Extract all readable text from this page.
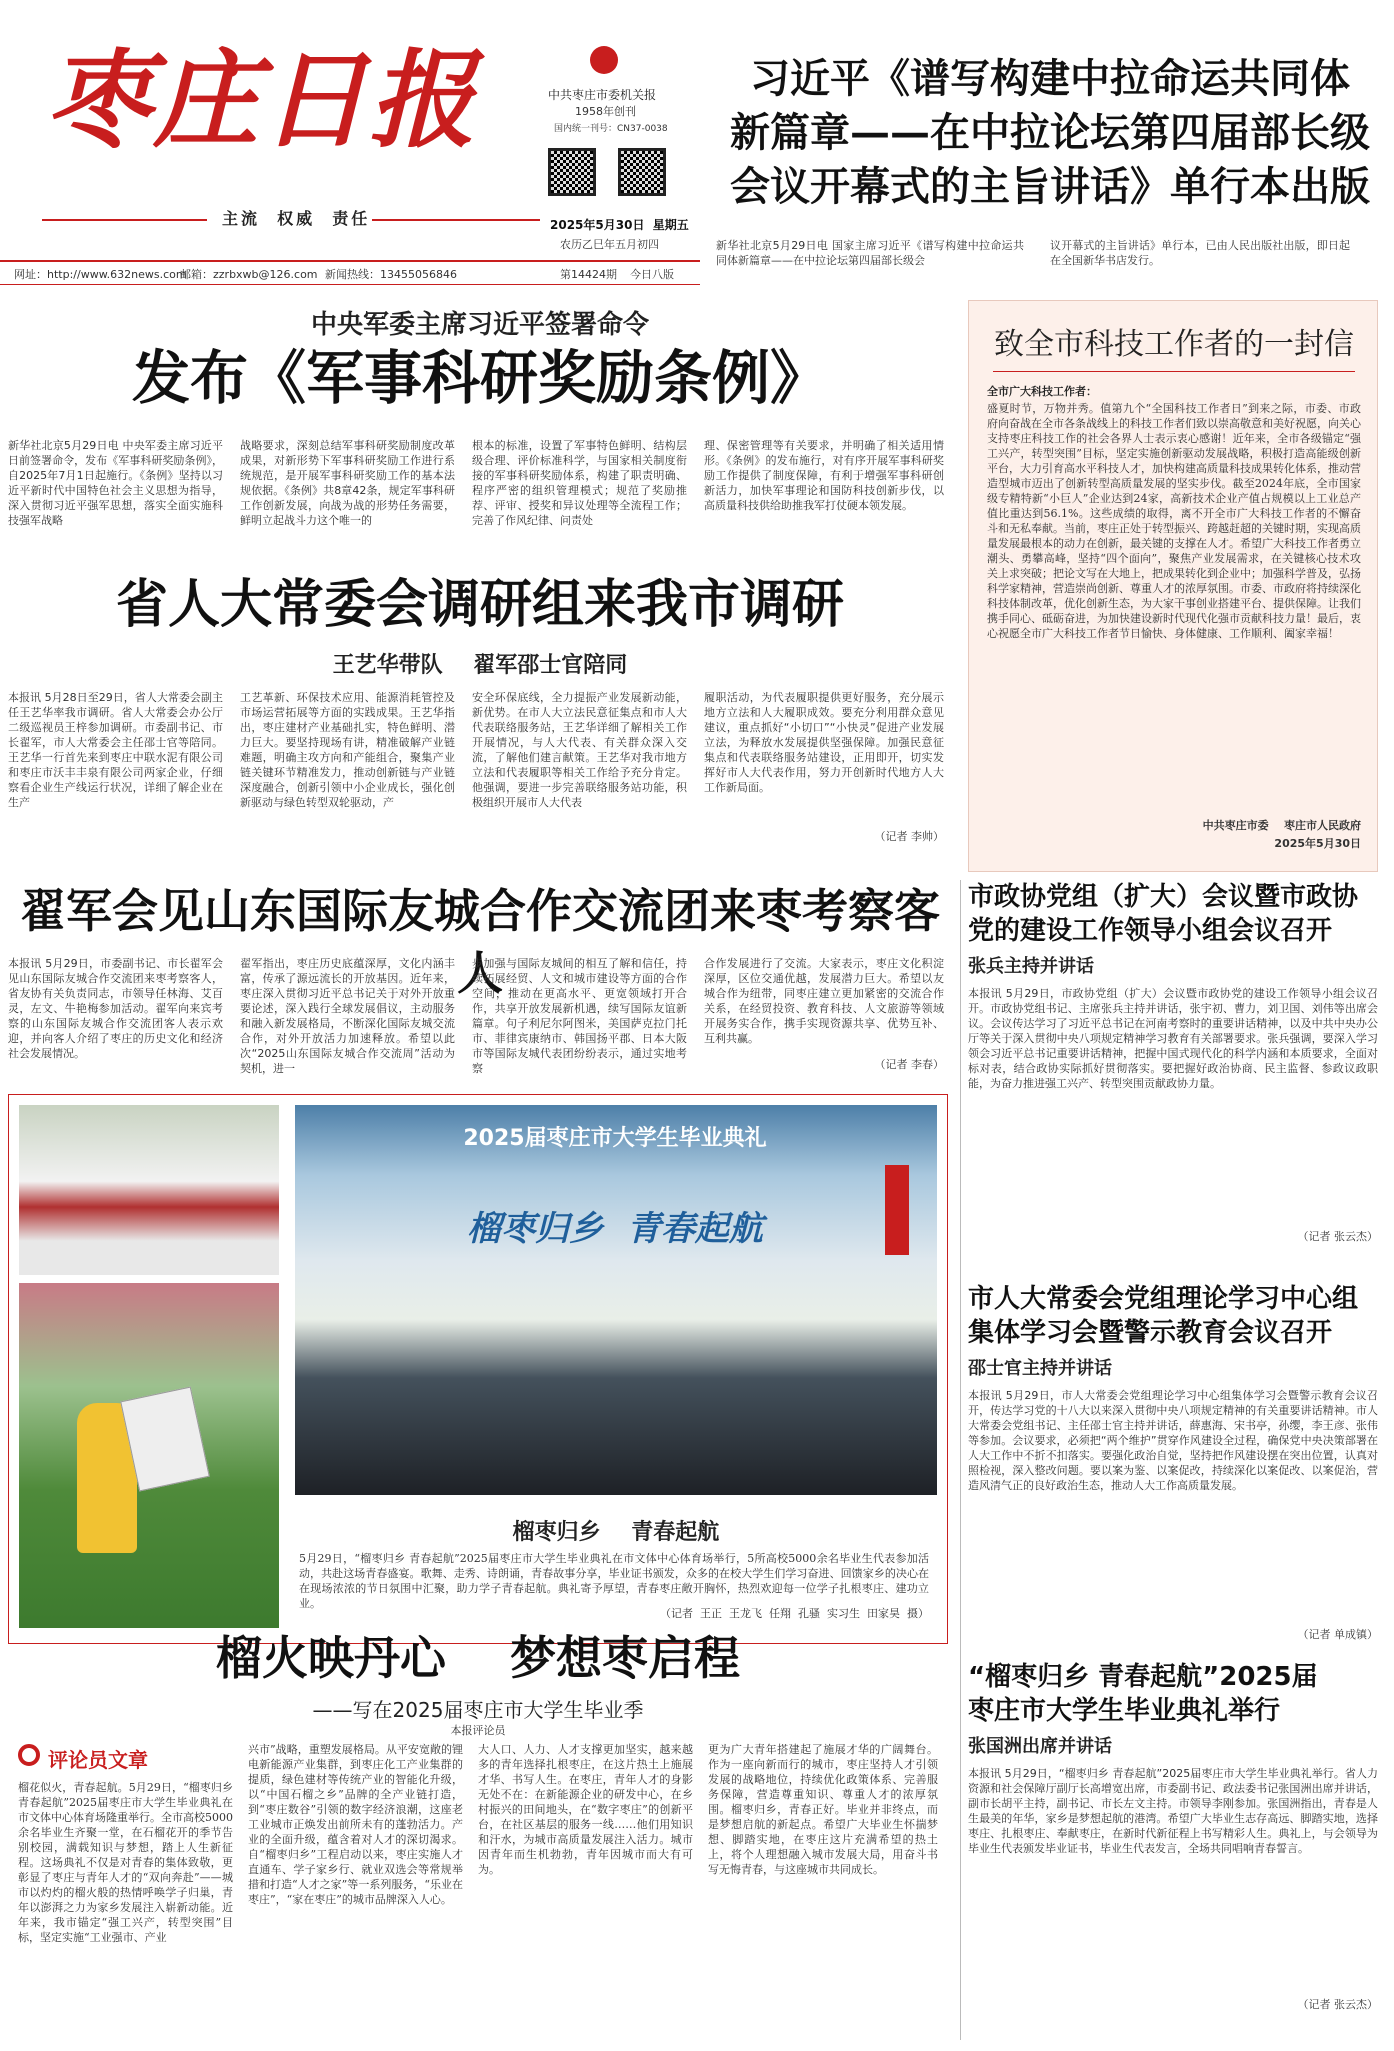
枣庄日报
主流  权威  责任
中共枣庄市委机关报
1958年创刊
国内统一刊号：CN37-0038
2025年5月30日  星期五
农历乙巳年五月初四
习近平《谱写构建中拉命运共同体
新篇章——在中拉论坛第四届部长级
会议开幕式的主旨讲话》单行本出版
新华社北京5月29日电 国家主席习近平《谱写构建中拉命运共同体新篇章——在中拉论坛第四届部长级会
议开幕式的主旨讲话》单行本，已由人民出版社出版，即日起在全国新华书店发行。
网址：http://www.632news.com
邮箱：zzrbxwb@126.com 新闻热线：13455056846	第14424期 今日八版
中央军委主席习近平签署命令
发布《军事科研奖励条例》
新华社北京5月29日电 中央军委主席习近平日前签署命令，发布《军事科研奖励条例》，自2025年7月1日起施行。《条例》坚持以习近平新时代中国特色社会主义思想为指导，深入贯彻习近平强军思想，落实全面实施科技强军战略
战略要求，深刻总结军事科研奖励制度改革成果，对新形势下军事科研奖励工作进行系统规范，是开展军事科研奖励工作的基本法规依据。《条例》共8章42条，规定军事科研工作创新发展，向战为战的形势任务需要，鲜明立起战斗力这个唯一的
根本的标准，设置了军事特色鲜明、结构层级合理、评价标准科学，与国家相关制度衔接的军事科研奖励体系，构建了职责明确、程序严密的组织管理模式；规范了奖励推荐、评审、授奖和异议处理等全流程工作；完善了作风纪律、问责处
理、保密管理等有关要求，并明确了相关适用情形。《条例》的发布施行，对有序开展军事科研奖励工作提供了制度保障，有利于增强军事科研创新活力，加快军事理论和国防科技创新步伐，以高质量科技供给助推我军打仗硬本领发展。
省人大常委会调研组来我市调研
王艺华带队    翟军邵士官陪同
本报讯 5月28日至29日，省人大常委会副主任王艺华率我市调研。省人大常委会办公厅二级巡视员王梓参加调研。市委副书记、市长翟军，市人大常委会主任邵士官等陪同。王艺华一行首先来到枣庄中联水泥有限公司和枣庄市沃丰丰泉有限公司两家企业，仔细察看企业生产线运行状况，详细了解企业在生产
工艺革新、环保技术应用、能源消耗管控及市场运营拓展等方面的实践成果。王艺华指出，枣庄建材产业基础扎实，特色鲜明、潜力巨大。要坚持现场有讲，精准破解产业链难题，明确主攻方向和产能组合，聚集产业链关键环节精准发力，推动创新链与产业链深度融合，创新引领中小企业成长，强化创新驱动与绿色转型双轮驱动，产
安全环保底线，全力提振产业发展新动能，新优势。在市人大立法民意征集点和市人大代表联络服务站，王艺华详细了解相关工作开展情况，与人大代表、有关群众深入交流，了解他们建言献策。王艺华对我市地方立法和代表履职等相关工作给予充分肯定。他强调，要进一步完善联络服务站功能，积极组织开展市人大代表
履职活动，为代表履职提供更好服务，充分展示地方立法和人大履职成效。要充分利用群众意见建议，重点抓好“小切口”“小快灵”促进产业发展立法，为释放水发展提供坚强保障。加强民意征集点和代表联络服务站建设，正用即开，切实发挥好市人大代表作用，努力开创新时代地方人大工作新局面。
（记者 李帅）
致全市科技工作者的一封信
全市广大科技工作者：
盛夏时节，万物并秀。值第九个“全国科技工作者日”到来之际，市委、市政府向奋战在全市各条战线上的科技工作者们致以崇高敬意和美好祝愿，向关心支持枣庄科技工作的社会各界人士表示衷心感谢！近年来，全市各级锚定“强工兴产，转型突围”目标，坚定实施创新驱动发展战略，积极打造高能级创新平台，大力引育高水平科技人才，加快构建高质量科技成果转化体系，推动营造型城市迈出了创新转型高质量发展的坚实步伐。截至2024年底，全市国家级专精特新“小巨人”企业达到24家，高新技术企业产值占规模以上工业总产值比重达到56.1%。这些成绩的取得，离不开全市广大科技工作者的不懈奋斗和无私奉献。当前，枣庄正处于转型振兴、跨越赶超的关键时期，实现高质量发展最根本的动力在创新，最关键的支撑在人才。希望广大科技工作者勇立潮头、勇攀高峰，坚持“四个面向”，聚焦产业发展需求，在关键核心技术攻关上求突破；把论文写在大地上，把成果转化到企业中；加强科学普及，弘扬科学家精神，营造崇尚创新、尊重人才的浓厚氛围。市委、市政府将持续深化科技体制改革，优化创新生态，为大家干事创业搭建平台、提供保障。让我们携手同心、砥砺奋进，为加快建设新时代现代化强市贡献科技力量！最后，衷心祝愿全市广大科技工作者节日愉快、身体健康、工作顺利、阖家幸福！
中共枣庄市委    枣庄市人民政府
2025年5月30日
翟军会见山东国际友城合作交流团来枣考察客人
本报讯 5月29日，市委副书记、市长翟军会见山东国际友城合作交流团来枣考察客人，省友协有关负责同志，市领导任林海、艾百灵，左文、牛艳梅参加活动。翟军向来宾考察的山东国际友城合作交流团客人表示欢迎，并向客人介绍了枣庄的历史文化和经济社会发展情况。
翟军指出，枣庄历史底蕴深厚，文化内涵丰富，传承了源远流长的开放基因。近年来，枣庄深入贯彻习近平总书记关于对外开放重要论述，深入践行全球发展倡议，主动服务和融入新发展格局，不断深化国际友城交流合作，对外开放活力加速释放。希望以此次“2025山东国际友城合作交流周”活动为契机，进一
步加强与国际友城间的相互了解和信任，持续拓展经贸、人文和城市建设等方面的合作空间，推动在更高水平、更宽领域打开合作，共享开放发展新机遇，续写国际友谊新篇章。句子利尼尔阿图米，美国萨克拉门托市、菲律宾康纳市、韩国扬平郡、日本大阪市等国际友城代表团纷纷表示，通过实地考察
合作发展进行了交流。大家表示，枣庄文化积淀深厚，区位交通优越，发展潜力巨大。希望以友城合作为纽带，同枣庄建立更加紧密的交流合作关系，在经贸投资、教育科技、人文旅游等领域开展务实合作，携手实现资源共享、优势互补、互利共赢。
（记者 李春）
2025届枣庄市大学生毕业典礼
榴枣归乡  青春起航
榴枣归乡    青春起航
5月29日，“榴枣归乡 青春起航”2025届枣庄市大学生毕业典礼在市文体中心体育场举行，5所高校5000余名毕业生代表参加活动，共赴这场青春盛宴。歌舞、走秀、诗朗诵，青春故事分享，毕业证书颁发，众多的在校大学生们学习奋进、回馈家乡的决心在在现场浓浓的节日氛围中汇聚，助力学子青春起航。典礼寄予厚望，青春枣庄敞开胸怀，热烈欢迎每一位学子扎根枣庄、建功立业。
（记者  王正  王龙飞  任翔  孔骚  实习生  田家昊  摄）
榴火映丹心    梦想枣启程
——写在2025届枣庄市大学生毕业季
本报评论员
评论员文章
榴花似火，青春起航。5月29日，“榴枣归乡 青春起航”2025届枣庄市大学生毕业典礼在市文体中心体育场隆重举行。全市高校5000余名毕业生齐聚一堂，在石榴花开的季节告别校园，满载知识与梦想，踏上人生新征程。这场典礼不仅是对青春的集体致敬，更彰显了枣庄与青年人才的“双向奔赴”——城市以灼灼的榴火般的热情呼唤学子归巢，青年以澎湃之力为家乡发展注入崭新动能。近年来，我市锚定“强工兴产，转型突围”目标，坚定实施“工业强市、产业
兴市”战略，重塑发展格局。从平安宽敞的锂电新能源产业集群，到枣庄化工产业集群的提质，绿色建材等传统产业的智能化升级，以“中国石榴之乡”品牌的全产业链打造，到“枣庄数谷”引领的数字经济浪潮，这座老工业城市正焕发出前所未有的蓬勃活力。产业的全面升级，蕴含着对人才的深切渴求。自“榴枣归乡”工程启动以来，枣庄实施人才直通车、学子家乡行、就业双选会等常规举措和打造“人才之家”等一系列服务，“乐业在枣庄”，“家在枣庄”的城市品牌深入人心。
大人口、人力、人才支撑更加坚实，越来越多的青年选择扎根枣庄，在这片热土上施展才华、书写人生。在枣庄，青年人才的身影无处不在：在新能源企业的研发中心，在乡村振兴的田间地头，在“数字枣庄”的创新平台，在社区基层的服务一线……他们用知识和汗水，为城市高质量发展注入活力。城市因青年而生机勃勃，青年因城市而大有可为。
更为广大青年搭建起了施展才华的广阔舞台。作为一座向新而行的城市，枣庄坚持人才引领发展的战略地位，持续优化政策体系、完善服务保障，营造尊重知识、尊重人才的浓厚氛围。榴枣归乡，青春正好。毕业并非终点，而是梦想启航的新起点。希望广大毕业生怀揣梦想、脚踏实地，在枣庄这片充满希望的热土上，将个人理想融入城市发展大局，用奋斗书写无悔青春，与这座城市共同成长。
市政协党组（扩大）会议暨市政协
党的建设工作领导小组会议召开
张兵主持并讲话
本报讯 5月29日，市政协党组（扩大）会议暨市政协党的建设工作领导小组会议召开。市政协党组书记、主席张兵主持并讲话，张宇初、曹力，刘卫国、刘伟等出席会议。会议传达学习了习近平总书记在河南考察时的重要讲话精神，以及中共中央办公厅等关于深入贯彻中央八项规定精神学习教育有关部署要求。张兵强调，要深入学习领会习近平总书记重要讲话精神，把握中国式现代化的科学内涵和本质要求，全面对标对表，结合政协实际抓好贯彻落实。要把握好政治协商、民主监督、参政议政职能，为奋力推进强工兴产、转型突围贡献政协力量。
（记者 张云杰）
市人大常委会党组理论学习中心组
集体学习会暨警示教育会议召开
邵士官主持并讲话
本报讯 5月29日，市人大常委会党组理论学习中心组集体学习会暨警示教育会议召开，传达学习党的十八大以来深入贯彻中央八项规定精神的有关重要讲话精神。市人大常委会党组书记、主任邵士官主持并讲话，薛惠海、宋书亭，孙缨，李王彦、张伟等参加。会议要求，必须把“两个维护”贯穿作风建设全过程，确保党中央决策部署在人大工作中不折不扣落实。要强化政治自觉，坚持把作风建设摆在突出位置，认真对照检视，深入整改问题。要以案为鉴、以案促改，持续深化以案促改、以案促治，营造风清气正的良好政治生态，推动人大工作高质量发展。
（记者 单成镇）
“榴枣归乡 青春起航”2025届
枣庄市大学生毕业典礼举行
张国洲出席并讲话
本报讯 5月29日，“榴枣归乡 青春起航”2025届枣庄市大学生毕业典礼举行。省人力资源和社会保障厅副厅长高增宽出席，市委副书记、政法委书记张国洲出席并讲话，副市长胡平主持，副书记、市长左文主持。市领导李刚参加。张国洲指出，青春是人生最美的年华，家乡是梦想起航的港湾。希望广大毕业生志存高远、脚踏实地，选择枣庄、扎根枣庄、奉献枣庄，在新时代新征程上书写精彩人生。典礼上，与会领导为毕业生代表颁发毕业证书，毕业生代表发言，全场共同唱响青春誓言。
（记者 张云杰）
